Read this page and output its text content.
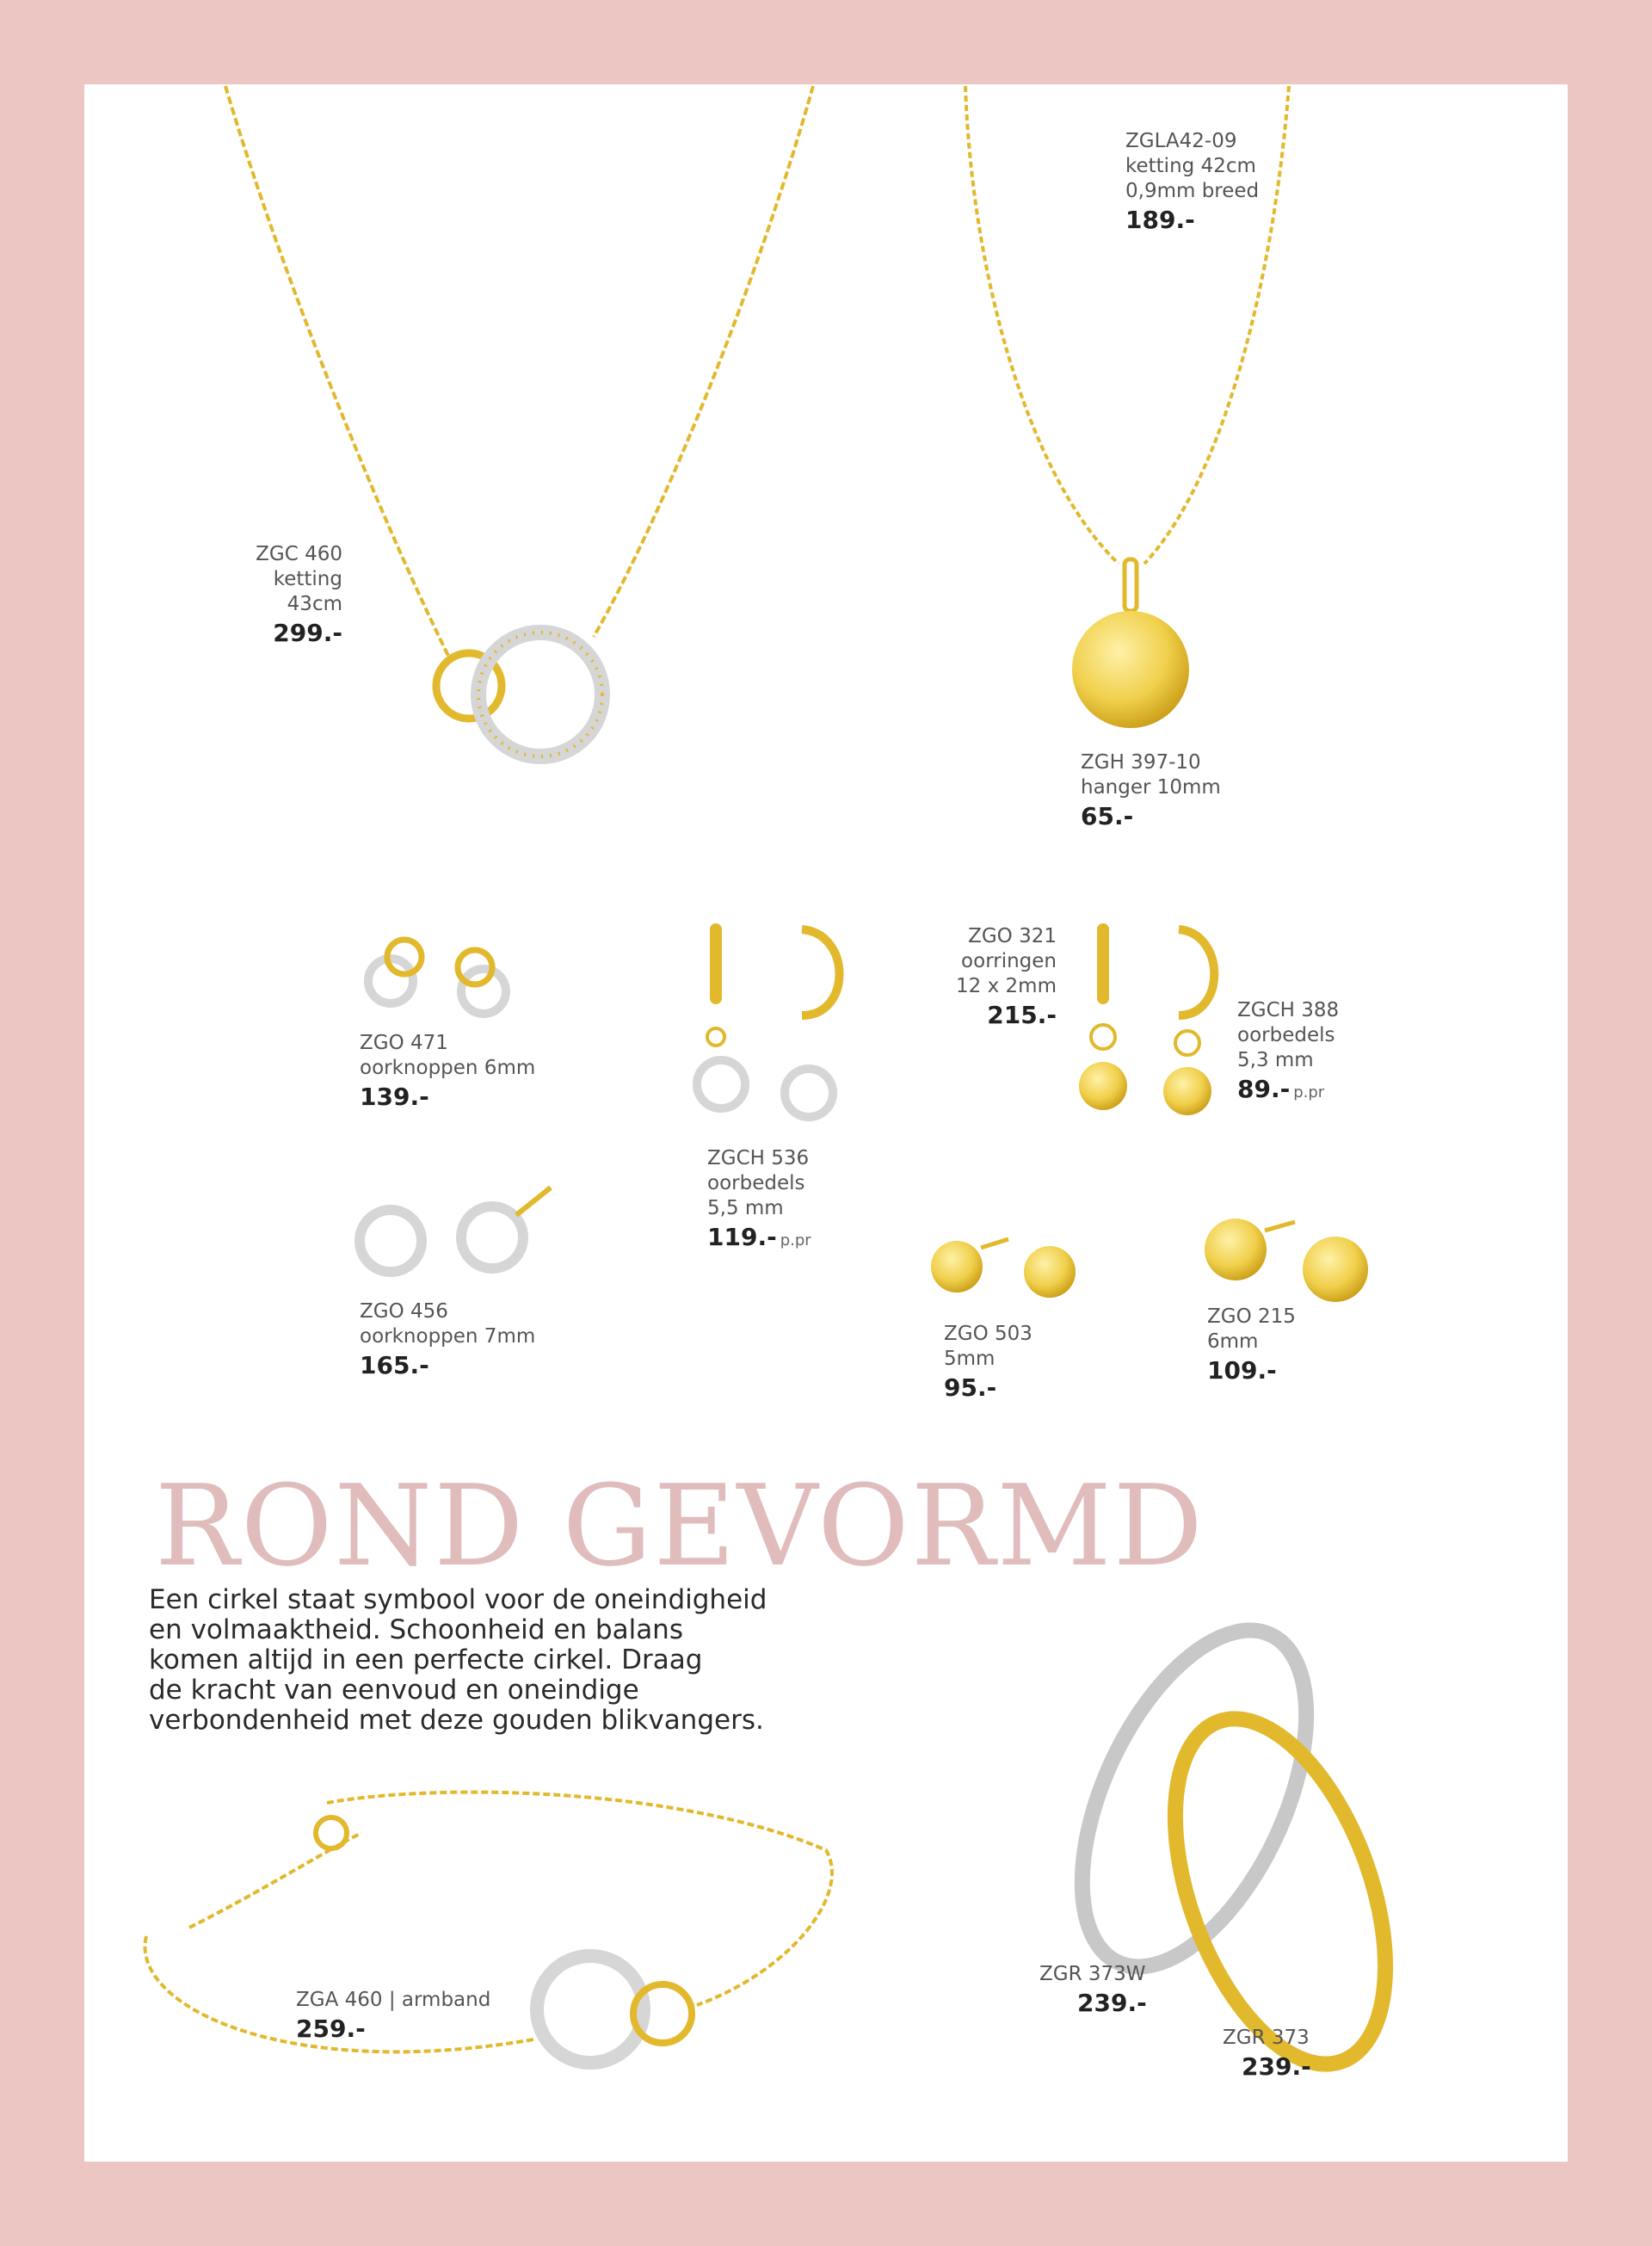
ZGC 460
ketting
43cm
299.-
ZGLA42-09
ketting 42cm
0,9mm breed
189.-
ZGH 397-10
hanger 10mm
65.-
ZGO 471
oorknoppen 6mm
139.-
ZGCH 536
oorbedels
5,5 mm
119.- p.pr
ZGO 321
oorringen
12 x 2mm
215.-	ZGCH 388
oorbedels
5,3 mm
89.- p.pr
ZGO 456
oorknoppen 7mm
165.-
ZGO 503
5mm
95.-
ZGO 215
6mm
109.-
ROND GEVORMD
Een cirkel staat symbool voor de oneindigheid
en volmaaktheid. Schoonheid en balans
komen altijd in een perfecte cirkel. Draag
de kracht van eenvoud en oneindige
verbondenheid met deze gouden blikvangers.
ZGA 460 | armband
259.-
ZGR 373W
239.-
ZGR 373
239.-
